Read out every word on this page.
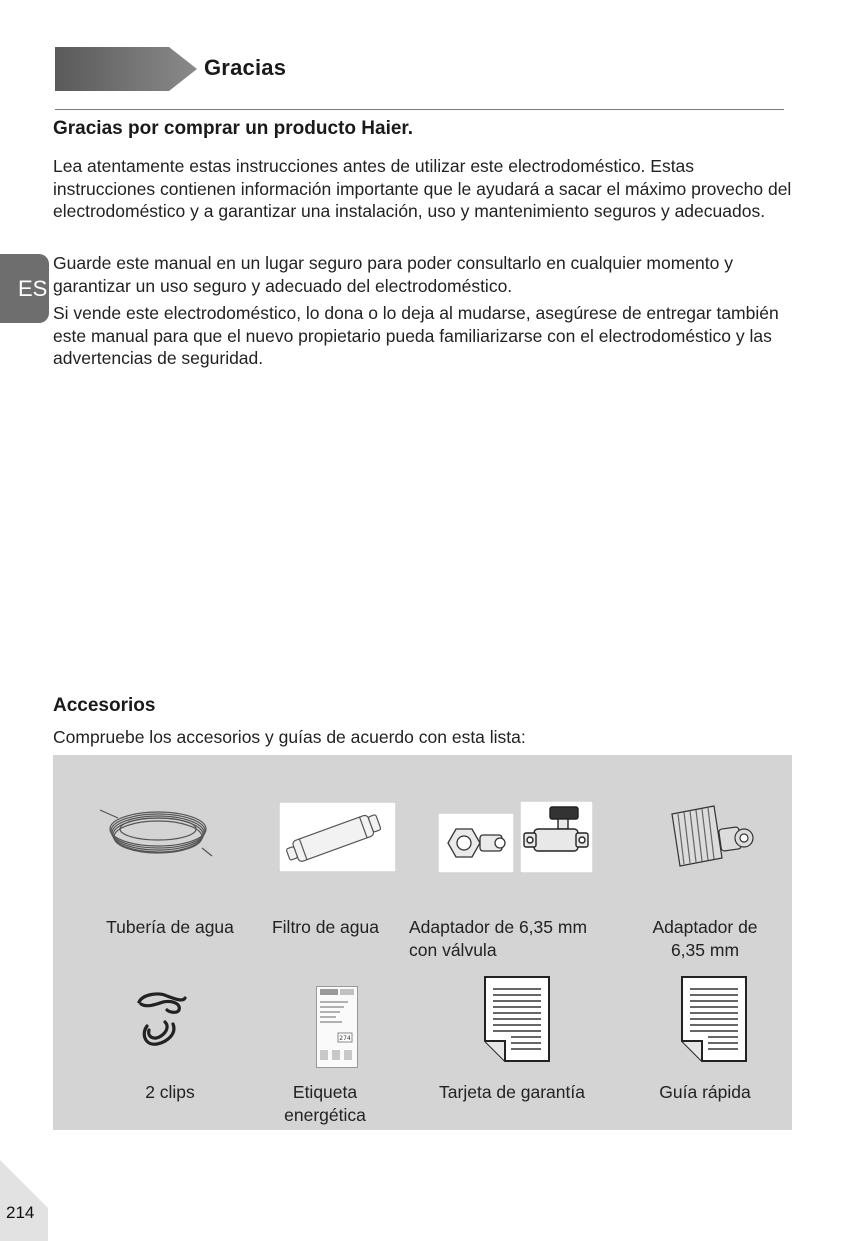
Gracias
Gracias por comprar un producto Haier.
Lea atentamente estas instrucciones antes de utilizar este electrodoméstico. Estas instrucciones contienen información importante que le ayudará a sacar el máximo provecho del electrodoméstico y a garantizar una instalación, uso y mantenimiento seguros y adecuados.
Guarde este manual en un lugar seguro para poder consultarlo en cualquier momento y garantizar un uso seguro y adecuado del electrodoméstico.
Si vende este electrodoméstico, lo dona o lo deja al mudarse, asegúrese de entregar también este manual para que el nuevo propietario pueda familiarizarse con el electrodoméstico y las advertencias de seguridad.
ES
Accesorios
Compruebe los accesorios y guías de acuerdo con esta lista:
Tubería de agua	Filtro de agua	Adaptador de 6,35 mm
con válvula
Adaptador de
6,35 mm
2 clips
274
Etiqueta
energética
Tarjeta de garantía	Guía rápida
214
